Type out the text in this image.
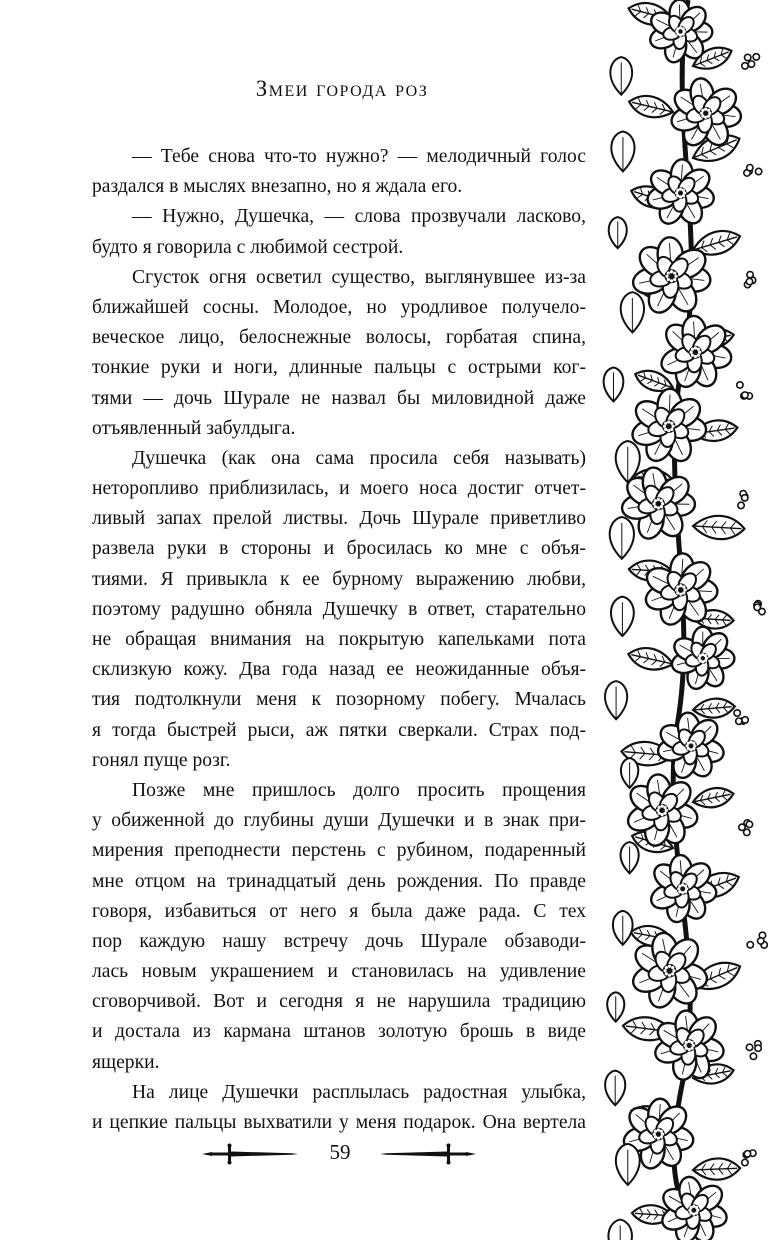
Змеи города роз
— Тебе снова что-то нужно? — мелодичный голос
раздался в мыслях внезапно, но я ждала его.
— Нужно, Душечка, — слова прозвучали ласково,
будто я говорила с любимой сестрой.
Сгусток огня осветил существо, выглянувшее из-за
ближайшей сосны. Молодое, но уродливое получело-
веческое лицо, белоснежные волосы, горбатая спина,
тонкие руки и ноги, длинные пальцы с острыми ког-
тями — дочь Шурале не назвал бы миловидной даже
отъявленный забулдыга.
Душечка (как она сама просила себя называть)
неторопливо приблизилась, и моего носа достиг отчет-
ливый запах прелой листвы. Дочь Шурале приветливо
развела руки в стороны и бросилась ко мне с объя-
тиями. Я привыкла к ее бурному выражению любви,
поэтому радушно обняла Душечку в ответ, старательно
не обращая внимания на покрытую капельками пота
склизкую кожу. Два года назад ее неожиданные объя-
тия подтолкнули меня к позорному побегу. Мчалась
я тогда быстрей рыси, аж пятки сверкали. Страх под-
гонял пуще розг.
Позже мне пришлось долго просить прощения
у обиженной до глубины души Душечки и в знак при-
мирения преподнести перстень с рубином, подаренный
мне отцом на тринадцатый день рождения. По правде
говоря, избавиться от него я была даже рада. С тех
пор каждую нашу встречу дочь Шурале обзаводи-
лась новым украшением и становилась на удивление
сговорчивой. Вот и сегодня я не нарушила традицию
и достала из кармана штанов золотую брошь в виде
ящерки.
На лице Душечки расплылась радостная улыбка,
и цепкие пальцы выхватили у меня подарок. Она вертела
59
